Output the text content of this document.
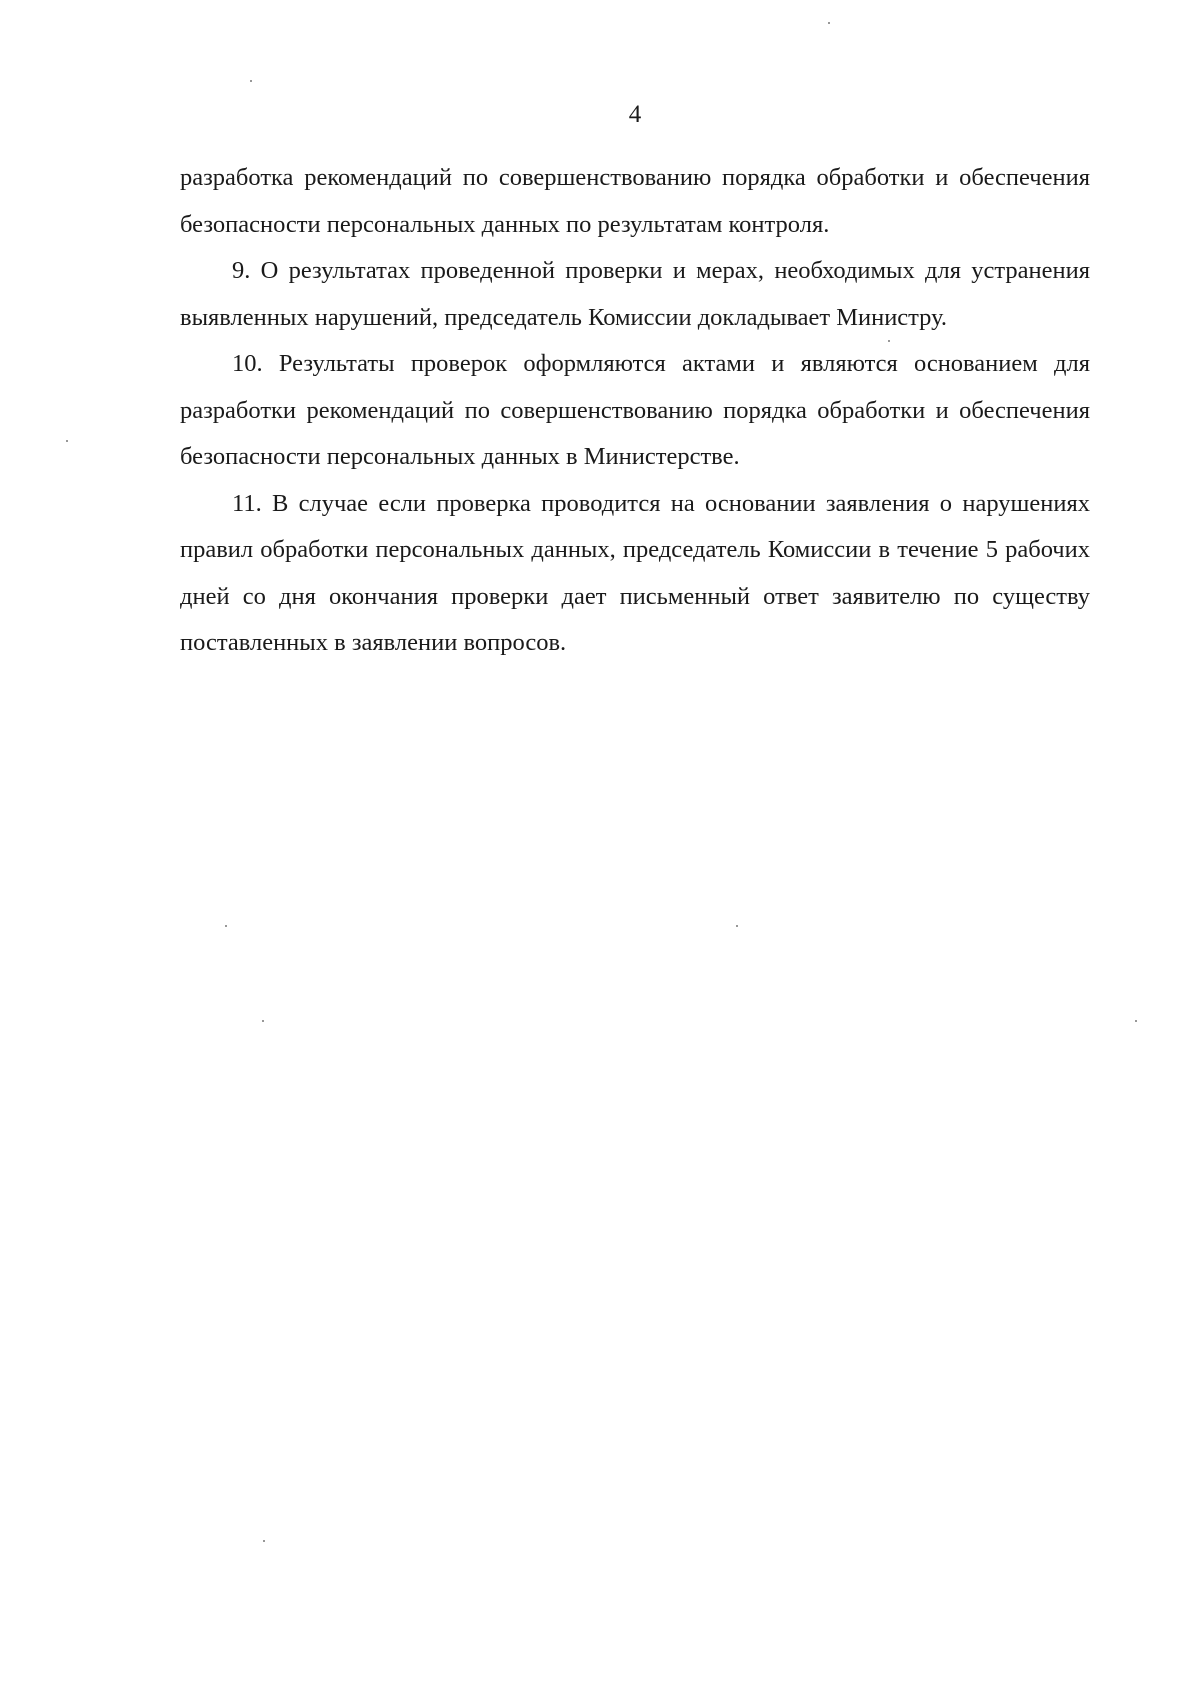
4

разработка рекомендаций по совершенствованию порядка обработки и обеспечения безопасности персональных данных по результатам контроля.

9. О результатах проведенной проверки и мерах, необходимых для устранения выявленных нарушений, председатель Комиссии докладывает Министру.

10. Результаты проверок оформляются актами и являются основанием для разработки рекомендаций по совершенствованию порядка обработки и обеспечения безопасности персональных данных в Министерстве.

11. В случае если проверка проводится на основании заявления о нарушениях правил обработки персональных данных, председатель Комиссии в течение 5 рабочих дней со дня окончания проверки дает письменный ответ заявителю по существу поставленных в заявлении вопросов.
